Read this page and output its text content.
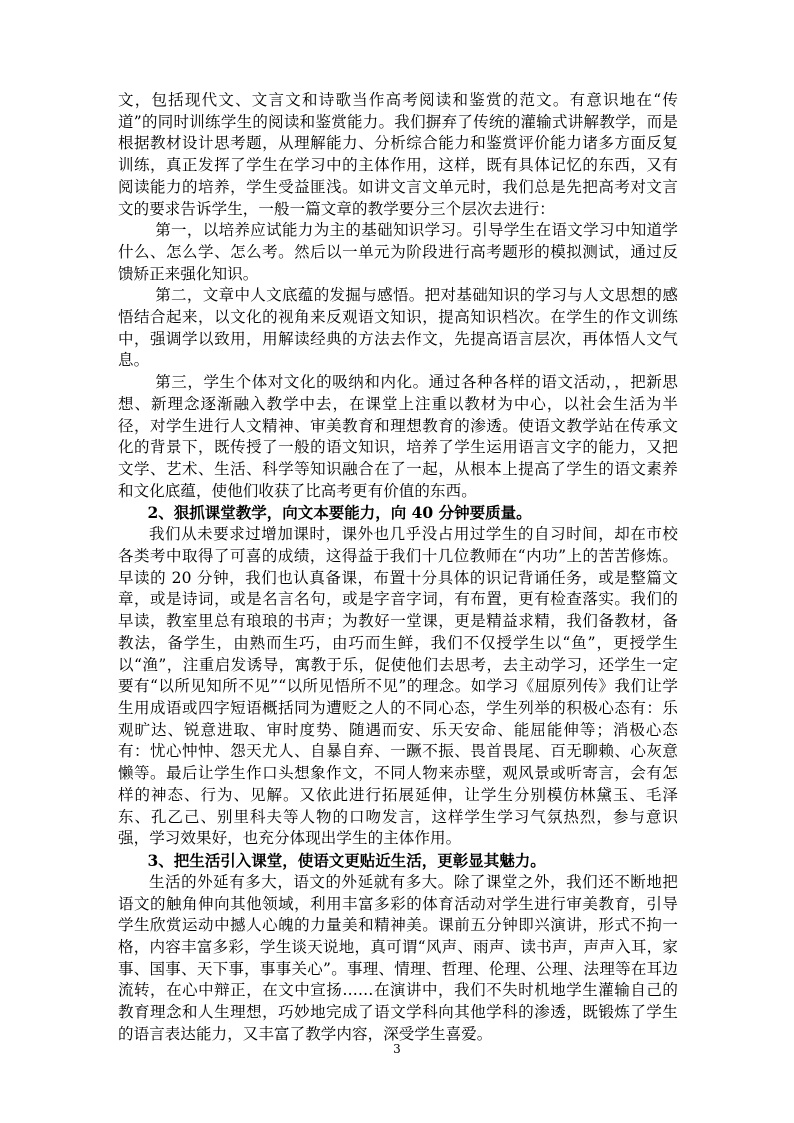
文，包括现代文、文言文和诗歌当作高考阅读和鉴赏的范文。有意识地在“传道”的同时训练学生的阅读和鉴赏能力。我们摒弃了传统的灌输式讲解教学，而是根据教材设计思考题，从理解能力、分析综合能力和鉴赏评价能力诸多方面反复训练，真正发挥了学生在学习中的主体作用，这样，既有具体记忆的东西，又有阅读能力的培养，学生受益匪浅。如讲文言文单元时，我们总是先把高考对文言文的要求告诉学生，一般一篇文章的教学要分三个层次去进行：

第一，以培养应试能力为主的基础知识学习。引导学生在语文学习中知道学什么、怎么学、怎么考。然后以一单元为阶段进行高考题形的模拟测试，通过反馈矫正来强化知识。

第二，文章中人文底蕴的发掘与感悟。把对基础知识的学习与人文思想的感悟结合起来，以文化的视角来反观语文知识，提高知识档次。在学生的作文训练中，强调学以致用，用解读经典的方法去作文，先提高语言层次，再体悟人文气息。

第三，学生个体对文化的吸纳和内化。通过各种各样的语文活动，，把新思想、新理念逐渐融入教学中去，在课堂上注重以教材为中心，以社会生活为半径，对学生进行人文精神、审美教育和理想教育的渗透。使语文教学站在传承文化的背景下，既传授了一般的语文知识，培养了学生运用语言文字的能力，又把文学、艺术、生活、科学等知识融合在了一起，从根本上提高了学生的语文素养和文化底蕴，使他们收获了比高考更有价值的东西。

2、狠抓课堂教学，向文本要能力，向 40 分钟要质量。

我们从未要求过增加课时，课外也几乎没占用过学生的自习时间，却在市校各类考中取得了可喜的成绩，这得益于我们十几位教师在“内功”上的苦苦修炼。早读的 20 分钟，我们也认真备课，布置十分具体的识记背诵任务，或是整篇文章，或是诗词，或是名言名句，或是字音字词，有布置，更有检查落实。我们的早读，教室里总有琅琅的书声；为教好一堂课，更是精益求精，我们备教材，备教法，备学生，由熟而生巧，由巧而生鲜，我们不仅授学生以“鱼”，更授学生以“渔”，注重启发诱导，寓教于乐，促使他们去思考，去主动学习，还学生一定要有“以所见知所不见”“以所见悟所不见”的理念。如学习《屈原列传》我们让学生用成语或四字短语概括同为遭贬之人的不同心态，学生列举的积极心态有：乐观旷达、锐意进取、审时度势、随遇而安、乐天安命、能屈能伸等；消极心态有：忧心忡忡、怨天尤人、自暴自弃、一蹶不振、畏首畏尾、百无聊赖、心灰意懒等。最后让学生作口头想象作文，不同人物来赤壁，观风景或听寄言，会有怎样的神态、行为、见解。又依此进行拓展延伸，让学生分别模仿林黛玉、毛泽东、孔乙己、别里科夫等人物的口吻发言，这样学生学习气氛热烈，参与意识强，学习效果好，也充分体现出学生的主体作用。

3、把生活引入课堂，使语文更贴近生活，更彰显其魅力。

生活的外延有多大，语文的外延就有多大。除了课堂之外，我们还不断地把语文的触角伸向其他领域，利用丰富多彩的体育活动对学生进行审美教育，引导学生欣赏运动中撼人心魄的力量美和精神美。课前五分钟即兴演讲，形式不拘一格，内容丰富多彩，学生谈天说地，真可谓“风声、雨声、读书声，声声入耳，家事、国事、天下事，事事关心”。事理、情理、哲理、伦理、公理、法理等在耳边流转，在心中辩正，在文中宣扬……在演讲中，我们不失时机地学生灌输自己的教育理念和人生理想，巧妙地完成了语文学科向其他学科的渗透，既锻炼了学生的语言表达能力，又丰富了教学内容，深受学生喜爱。

3
